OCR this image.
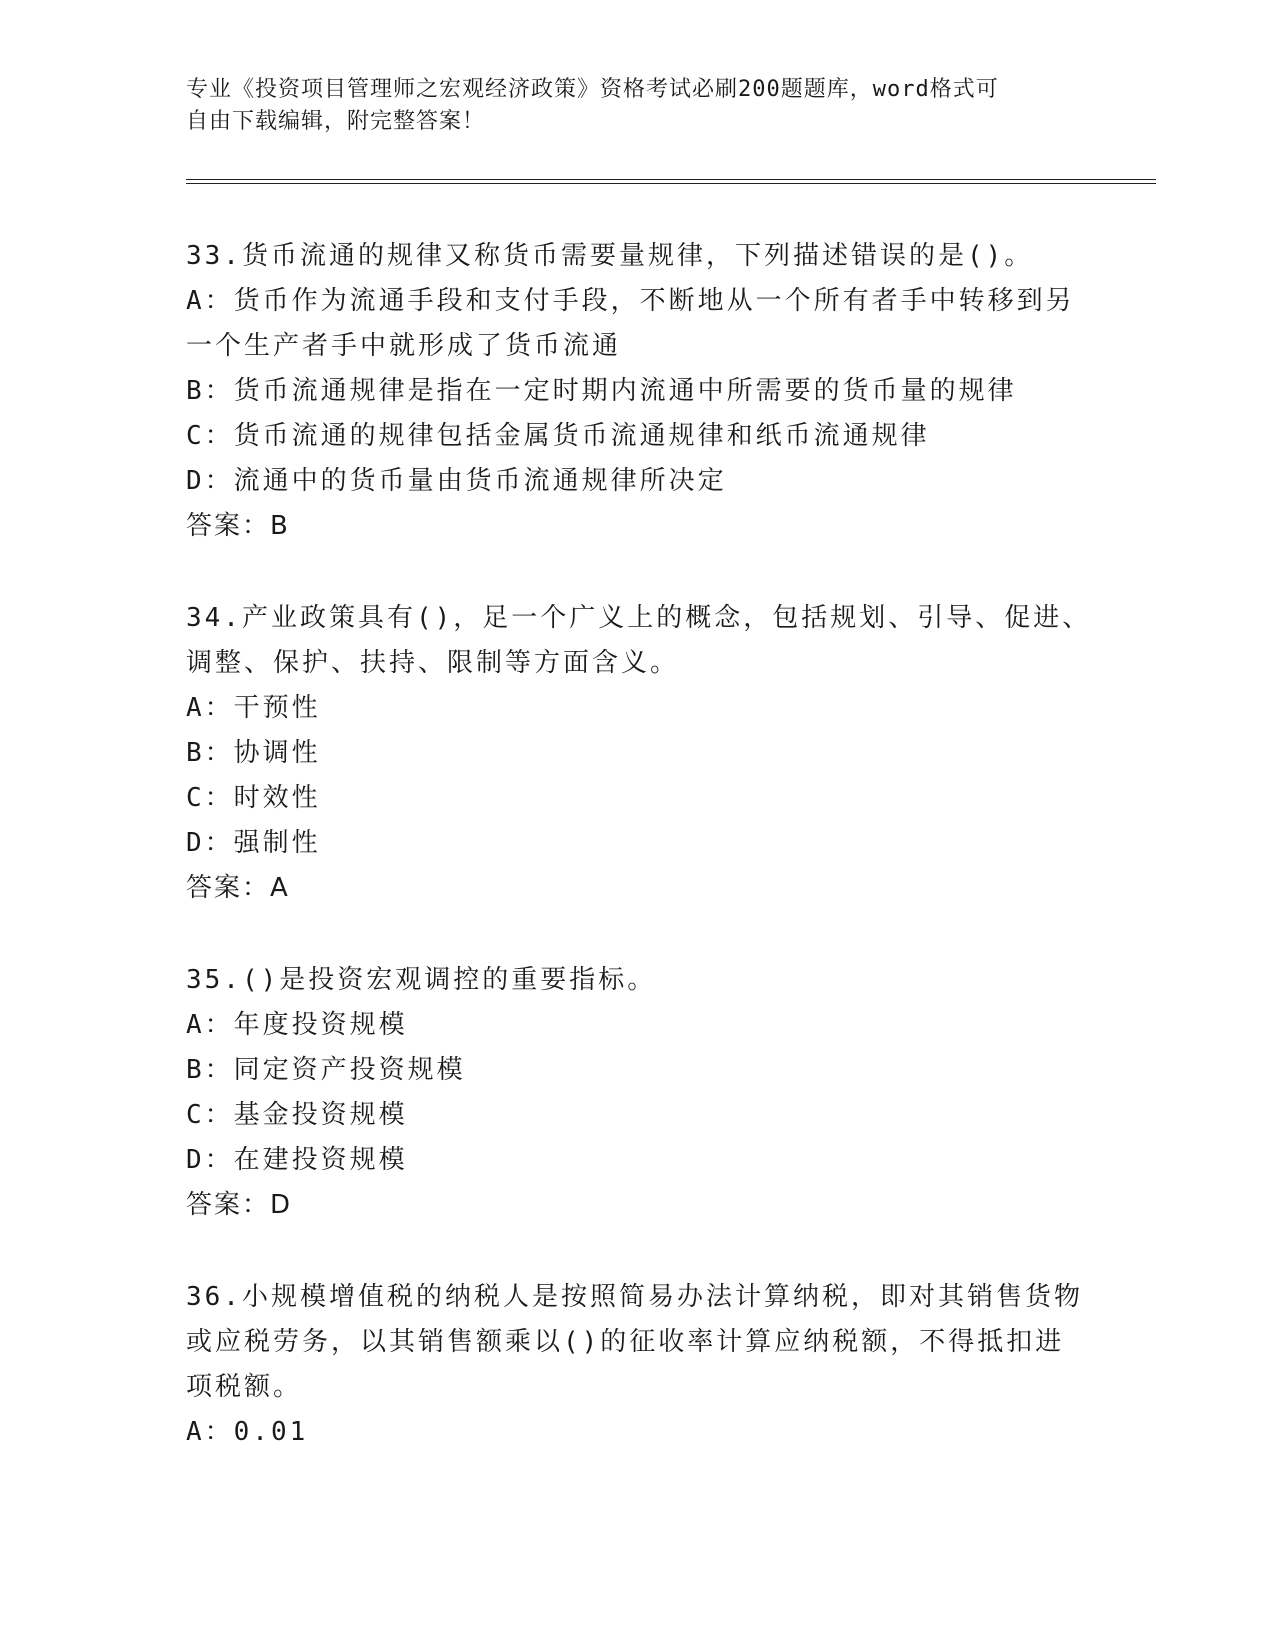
专业《投资项目管理师之宏观经济政策》资格考试必刷200题题库，word格式可
自由下载编辑，附完整答案！
33.货币流通的规律又称货币需要量规律，下列描述错误的是()。
A：货币作为流通手段和支付手段，不断地从一个所有者手中转移到另
一个生产者手中就形成了货币流通
B：货币流通规律是指在一定时期内流通中所需要的货币量的规律
C：货币流通的规律包括金属货币流通规律和纸币流通规律
D：流通中的货币量由货币流通规律所决定
答案：B
34.产业政策具有()，足一个广义上的概念，包括规划、引导、促进、
调整、保护、扶持、限制等方面含义。
A：干预性
B：协调性
C：时效性
D：强制性
答案：A
35.()是投资宏观调控的重要指标。
A：年度投资规模
B：同定资产投资规模
C：基金投资规模
D：在建投资规模
答案：D
36.小规模增值税的纳税人是按照简易办法计算纳税，即对其销售货物
或应税劳务，以其销售额乘以()的征收率计算应纳税额，不得抵扣进
项税额。
A：0.01
